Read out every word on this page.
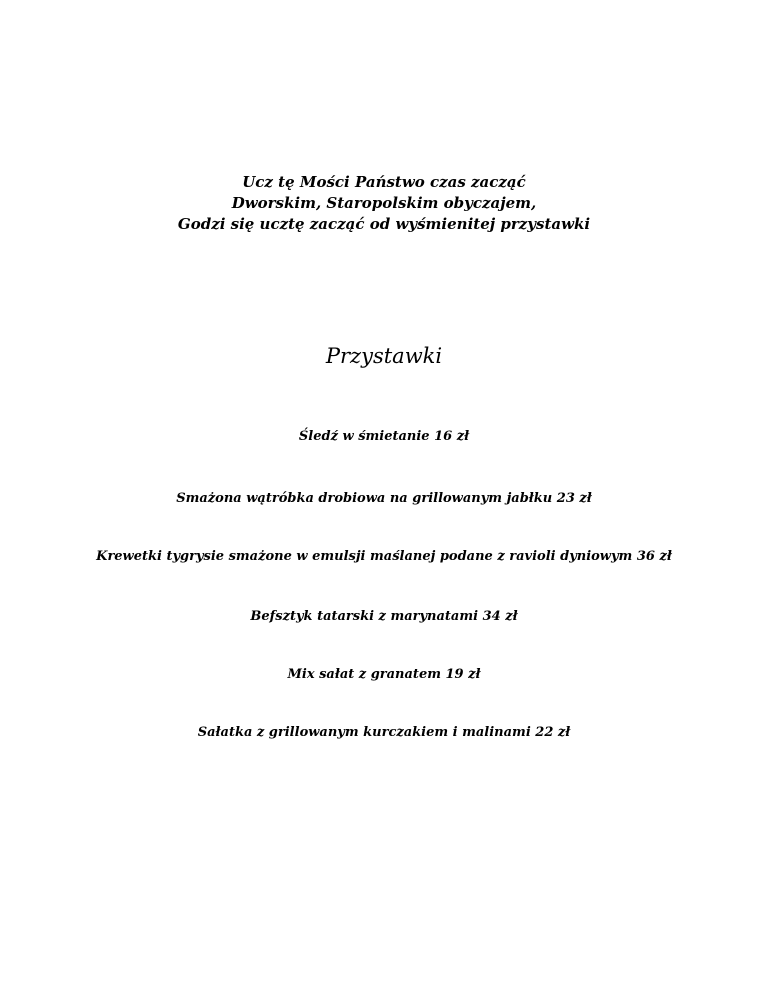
Ucz tę Mości Państwo czas zacząć
Dworskim, Staropolskim obyczajem,
Godzi się ucztę zacząć od wyśmienitej przystawki
Przystawki
Śledź w śmietanie 16 zł
Smażona wątróbka drobiowa na grillowanym jabłku 23 zł
Krewetki tygrysie smażone w emulsji maślanej podane z ravioli dyniowym 36 zł
Befsztyk tatarski z marynatami 34 zł
Mix sałat z granatem 19 zł
Sałatka z grillowanym kurczakiem i malinami 22 zł
